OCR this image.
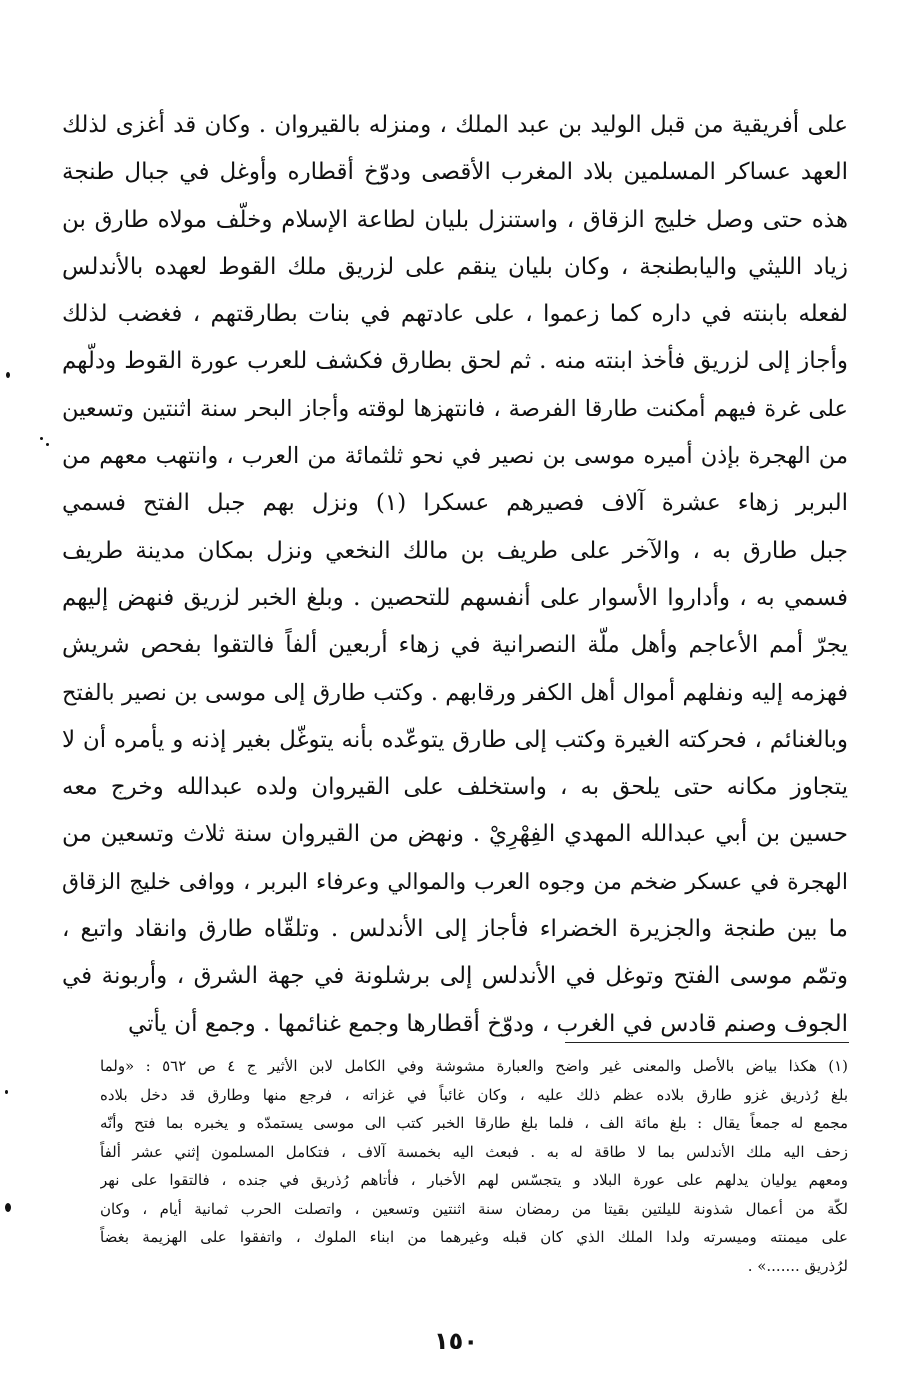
على أفريقية من قبل الوليد بن عبد الملك ، ومنزله بالقيروان . وكان قد أغزى لذلك
العهد عساكر المسلمين بلاد المغرب الأقصى ودوّخ أقطاره وأوغل في جبال طنجة
هذه حتى وصل خليج الزقاق ، واستنزل بليان لطاعة الإسلام وخلّف مولاه طارق بن
زياد الليثي واليابطنجة ، وكان بليان ينقم على لزريق ملك القوط لعهده بالأندلس
لفعله بابنته في داره كما زعموا ، على عادتهم في بنات بطارقتهم ، فغضب لذلك
وأجاز إلى لزريق فأخذ ابنته منه . ثم لحق بطارق فكشف للعرب عورة القوط ودلّهم
على غرة فيهم أمكنت طارقا الفرصة ، فانتهزها لوقته وأجاز البحر سنة اثنتين وتسعين
من الهجرة بإذن أميره موسى بن نصير في نحو ثلثمائة من العرب ، وانتهب معهم من
البربر زهاء عشرة آلاف فصيرهم عسكرا (١) ونزل بهم جبل الفتح فسمي
جبل طارق به ، والآخر على طريف بن مالك النخعي ونزل بمكان مدينة طريف
فسمي به ، وأداروا الأسوار على أنفسهم للتحصين . وبلغ الخبر لزريق فنهض إليهم
يجرّ أمم الأعاجم وأهل ملّة النصرانية في زهاء أربعين ألفاً فالتقوا بفحص شريش
فهزمه إليه ونفلهم أموال أهل الكفر ورقابهم . وكتب طارق إلى موسى بن نصير بالفتح
وبالغنائم ، فحركته الغيرة وكتب إلى طارق يتوعّده بأنه يتوغّل بغير إذنه و يأمره أن لا
يتجاوز مكانه حتى يلحق به ، واستخلف على القيروان ولده عبدالله وخرج معه
حسين بن أبي عبدالله المهدي الفِهْرِيْ . ونهض من القيروان سنة ثلاث وتسعين من
الهجرة في عسكر ضخم من وجوه العرب والموالي وعرفاء البربر ، ووافى خليج الزقاق
ما بين طنجة والجزيرة الخضراء فأجاز إلى الأندلس . وتلقّاه طارق وانقاد واتبع ،
وتمّم موسى الفتح وتوغل في الأندلس إلى برشلونة في جهة الشرق ، وأربونة في
الجوف وصنم قادس في الغرب ، ودوّخ أقطارها وجمع غنائمها . وجمع أن يأتي
(١) هكذا بياض بالأصل والمعنى غير واضح والعبارة مشوشة وفي الكامل لابن الأثير ج ٤ ص ٥٦٢ : «ولما
بلغ رُذريق غزو طارق بلاده عظم ذلك عليه ، وكان غائباً في غزاته ، فرجع منها وطارق قد دخل بلاده
مجمع له جمعاً يقال : بلغ مائة الف ، فلما بلغ طارقا الخبر كتب الى موسى يستمدّه و يخبره بما فتح وأنّه
زحف اليه ملك الأندلس بما لا طاقة له به . فبعث اليه بخمسة آلاف ، فتكامل المسلمون إثني عشر ألفاً
ومعهم يوليان يدلهم على عورة البلاد و يتجسّس لهم الأخبار ، فأتاهم رُذريق في جنده ، فالتقوا على نهر
لكّة من أعمال شذونة لليلتين بقيتا من رمضان سنة اثنتين وتسعين ، واتصلت الحرب ثمانية أيام ، وكان
على ميمنته وميسرته ولدا الملك الذي كان قبله وغيرهما من ابناء الملوك ، واتفقوا على الهزيمة بغضاً
لرُذريق .......» .
١٥٠
